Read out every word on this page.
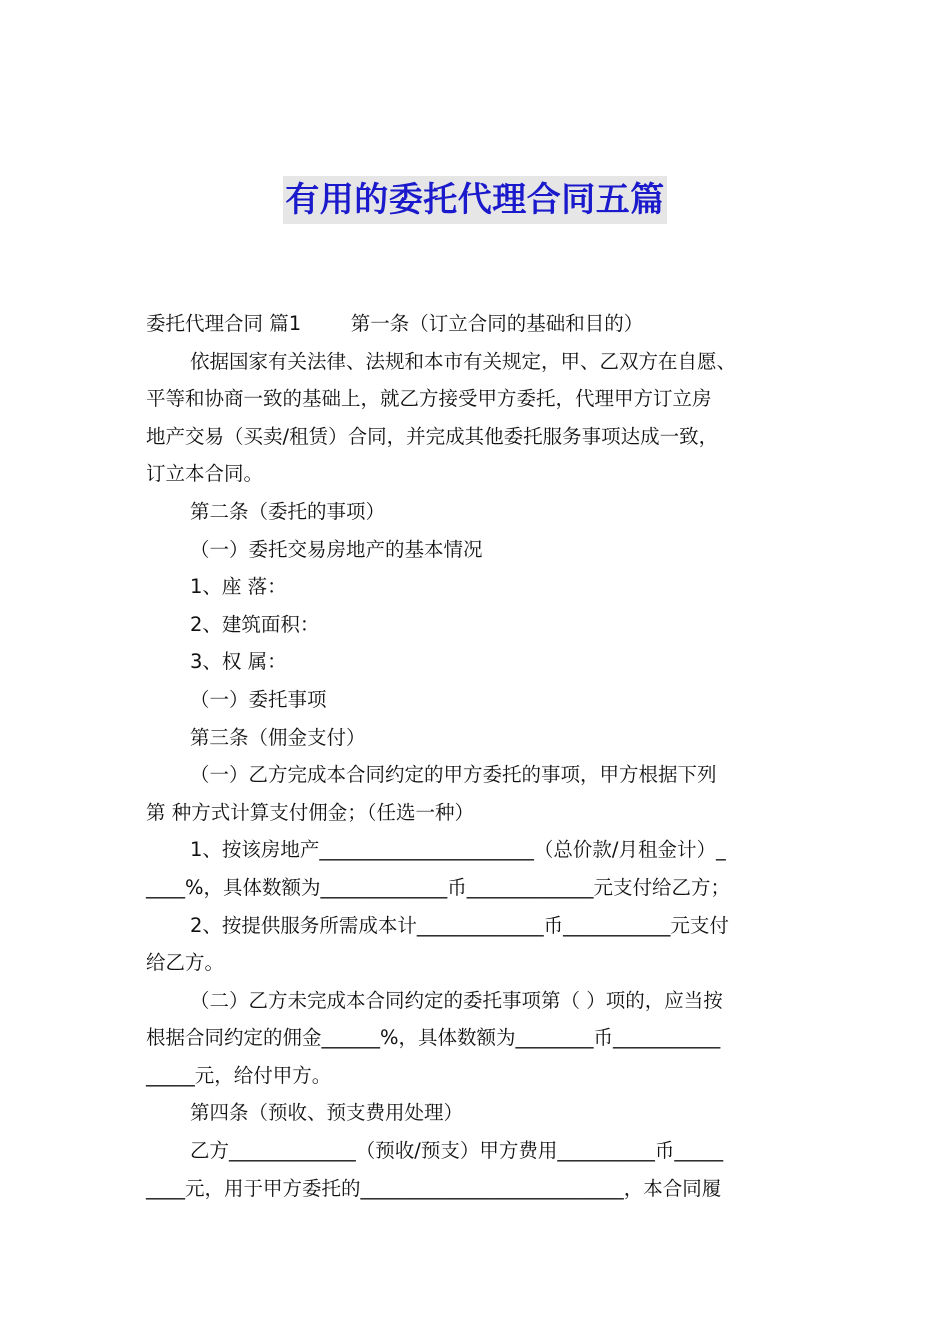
有用的委托代理合同五篇

委托代理合同 篇1        第一条（订立合同的基础和目的）

依据国家有关法律、法规和本市有关规定，甲、乙双方在自愿、

平等和协商一致的基础上，就乙方接受甲方委托，代理甲方订立房

地产交易（买卖/租赁）合同，并完成其他委托服务事项达成一致，

订立本合同。

第二条（委托的事项）

（一）委托交易房地产的基本情况

1、座 落：

2、建筑面积：

3、权 属：

（一）委托事项

第三条（佣金支付）

（一）乙方完成本合同约定的甲方委托的事项，甲方根据下列

第 种方式计算支付佣金；（任选一种）

1、按该房地产______________________（总价款/月租金计）_

____%，具体数额为_____________币_____________元支付给乙方；

2、按提供服务所需成本计_____________币___________元支付

给乙方。

（二）乙方未完成本合同约定的委托事项第（ ）项的，应当按

根据合同约定的佣金______%，具体数额为________币___________

_____元，给付甲方。

第四条（预收、预支费用处理）

乙方_____________（预收/预支）甲方费用__________币_____

____元，用于甲方委托的___________________________，本合同履
